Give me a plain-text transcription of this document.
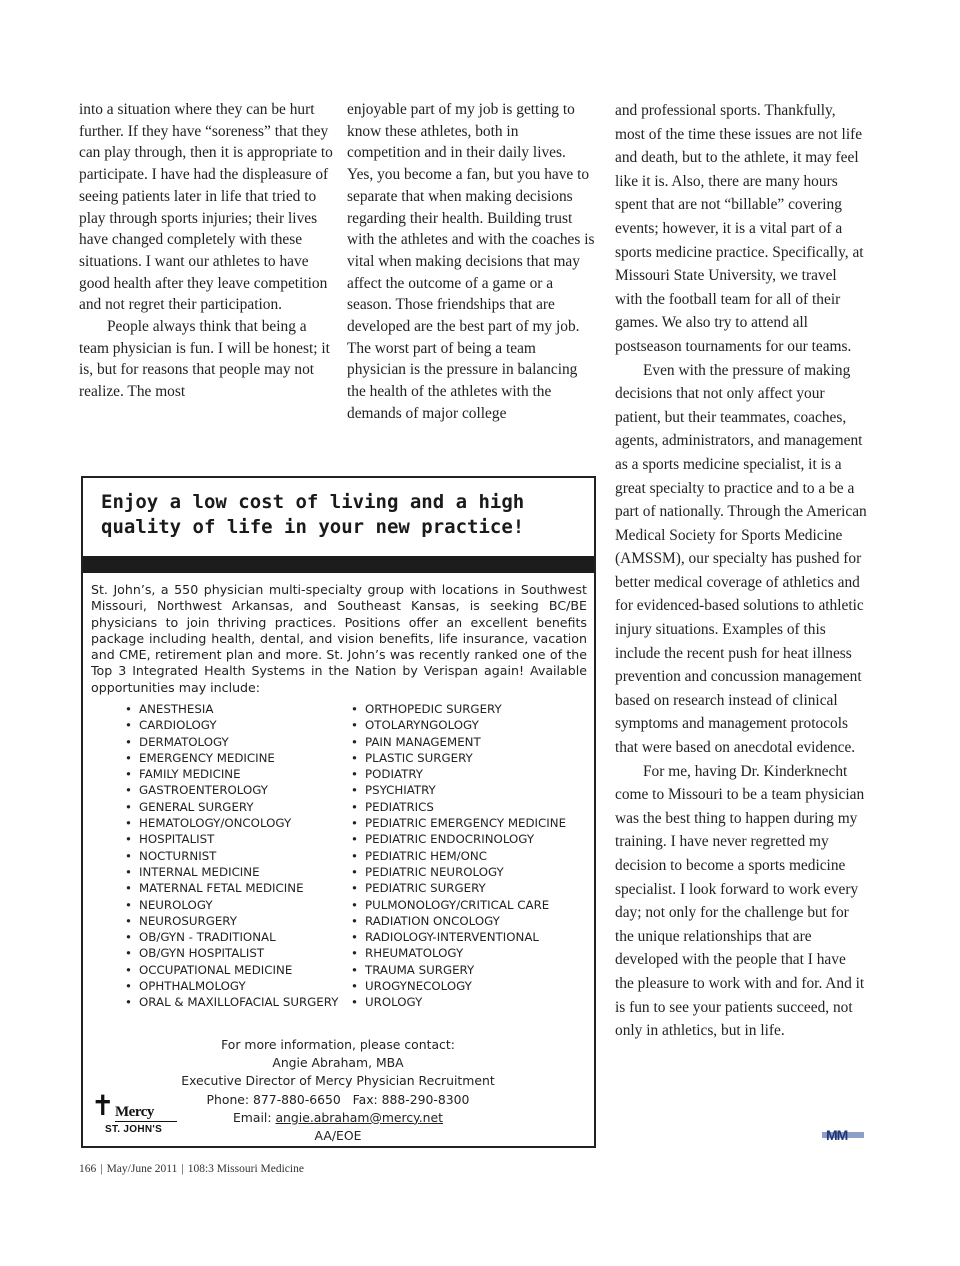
into a situation where they can be hurt further. If they have “soreness” that they can play through, then it is appropriate to participate. I have had the displeasure of seeing patients later in life that tried to play through sports injuries; their lives have changed completely with these situations. I want our athletes to have good health after they leave competition and not regret their participation.

People always think that being a team physician is fun. I will be honest; it is, but for reasons that people may not realize. The most

enjoyable part of my job is getting to know these athletes, both in competition and in their daily lives. Yes, you become a fan, but you have to separate that when making decisions regarding their health. Building trust with the athletes and with the coaches is vital when making decisions that may affect the outcome of a game or a season. Those friendships that are developed are the best part of my job. The worst part of being a team physician is the pressure in balancing the health of the athletes with the demands of major college

and professional sports. Thankfully, most of the time these issues are not life and death, but to the athlete, it may feel like it is. Also, there are many hours spent that are not “billable” covering events; however, it is a vital part of a sports medicine practice. Specifically, at Missouri State University, we travel with the football team for all of their games. We also try to attend all postseason tournaments for our teams.

Even with the pressure of making decisions that not only affect your patient, but their teammates, coaches, agents, administrators, and management as a sports medicine specialist, it is a great specialty to practice and to a be a part of nationally. Through the American Medical Society for Sports Medicine (AMSSM), our specialty has pushed for better medical coverage of athletics and for evidenced-based solutions to athletic injury situations. Examples of this include the recent push for heat illness prevention and concussion management based on research instead of clinical symptoms and management protocols that were based on anecdotal evidence.

For me, having Dr. Kinderknecht come to Missouri to be a team physician was the best thing to happen during my training. I have never regretted my decision to become a sports medicine specialist. I look forward to work every day; not only for the challenge but for the unique relationships that are developed with the people that I have the pleasure to work with and for. And it is fun to see your patients succeed, not only in athletics, but in life.

Enjoy a low cost of living and a high quality of life in your new practice!
St. John’s, a 550 physician multi-specialty group with locations in Southwest Missouri, Northwest Arkansas, and Southeast Kansas, is seeking BC/BE physicians to join thriving practices. Positions offer an excellent benefits package including health, dental, and vision benefits, life insurance, vacation and CME, retirement plan and more. St. John’s was recently ranked one of the Top 3 Integrated Health Systems in the Nation by Verispan again! Available opportunities may include:
• ANESTHESIA
• CARDIOLOGY
• DERMATOLOGY
• EMERGENCY MEDICINE
• FAMILY MEDICINE
• GASTROENTEROLOGY
• GENERAL SURGERY
• HEMATOLOGY/ONCOLOGY
• HOSPITALIST
• NOCTURNIST
• INTERNAL MEDICINE
• MATERNAL FETAL MEDICINE
• NEUROLOGY
• NEUROSURGERY
• OB/GYN - TRADITIONAL
• OB/GYN HOSPITALIST
• OCCUPATIONAL MEDICINE
• OPHTHALMOLOGY
• ORAL & MAXILLOFACIAL SURGERY
• ORTHOPEDIC SURGERY
• OTOLARYNGOLOGY
• PAIN MANAGEMENT
• PLASTIC SURGERY
• PODIATRY
• PSYCHIATRY
• PEDIATRICS
• PEDIATRIC EMERGENCY MEDICINE
• PEDIATRIC ENDOCRINOLOGY
• PEDIATRIC HEM/ONC
• PEDIATRIC NEUROLOGY
• PEDIATRIC SURGERY
• PULMONOLOGY/CRITICAL CARE
• RADIATION ONCOLOGY
• RADIOLOGY-INTERVENTIONAL
• RHEUMATOLOGY
• TRAUMA SURGERY
• UROGYNECOLOGY
• UROLOGY
For more information, please contact:
Angie Abraham, MBA
Executive Director of Mercy Physician Recruitment
Phone: 877-880-6650   Fax: 888-290-8300
Email: angie.abraham@mercy.net
AA/EOE
✝ Mercy
ST. JOHN'S	MM
166 | May/June 2011 | 108:3 Missouri Medicine
